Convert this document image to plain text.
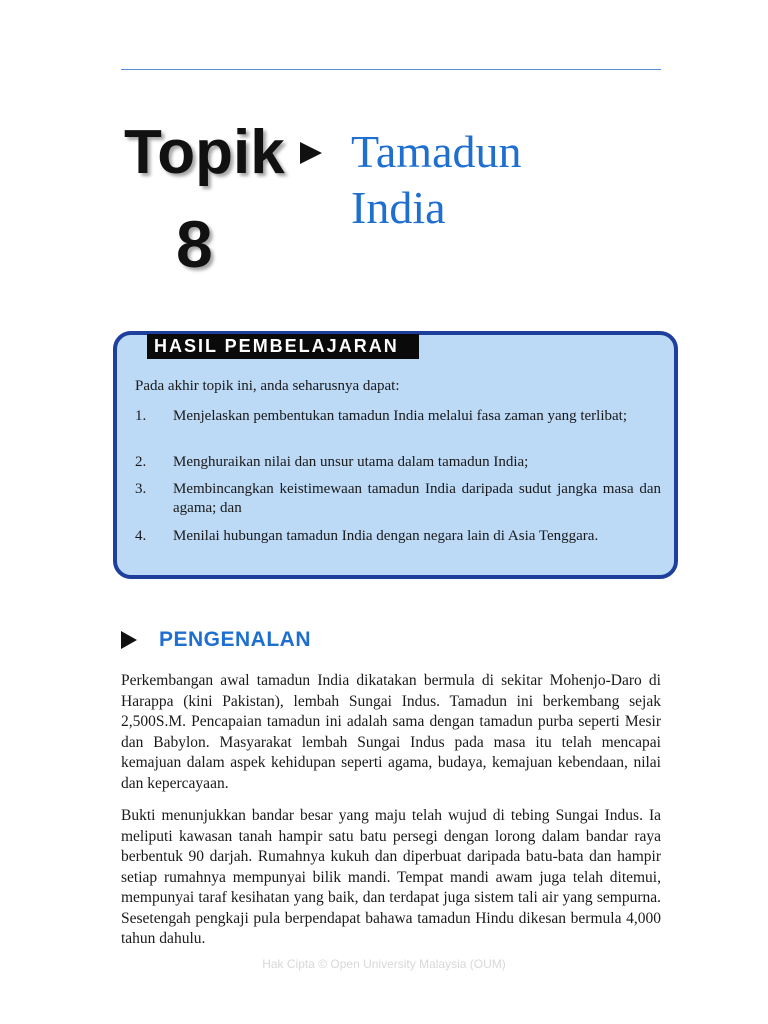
Topik
8
Tamadun
India
HASIL PEMBELAJARAN
Pada akhir topik ini, anda seharusnya dapat:
1.	Menjelaskan pembentukan tamadun India melalui fasa zaman yang terlibat;
2.	Menghuraikan nilai dan unsur utama dalam tamadun India;
3.	Membincangkan keistimewaan tamadun India daripada sudut jangka masa dan agama; dan
4.	Menilai hubungan tamadun India dengan negara lain di Asia Tenggara.
PENGENALAN

Perkembangan awal tamadun India dikatakan bermula di sekitar Mohenjo-Daro di Harappa (kini Pakistan), lembah Sungai Indus. Tamadun ini berkembang sejak 2,500S.M. Pencapaian tamadun ini adalah sama dengan tamadun purba seperti Mesir dan Babylon. Masyarakat lembah Sungai Indus pada masa itu telah mencapai kemajuan dalam aspek kehidupan seperti agama, budaya, kemajuan kebendaan, nilai dan kepercayaan.

Bukti menunjukkan bandar besar yang maju telah wujud di tebing Sungai Indus. Ia meliputi kawasan tanah hampir satu batu persegi dengan lorong dalam bandar raya berbentuk 90 darjah. Rumahnya kukuh dan diperbuat daripada batu-bata dan hampir setiap rumahnya mempunyai bilik mandi. Tempat mandi awam juga telah ditemui, mempunyai taraf kesihatan yang baik, dan terdapat juga sistem tali air yang sempurna. Sesetengah pengkaji pula berpendapat bahawa tamadun Hindu dikesan bermula 4,000 tahun dahulu.

Hak Cipta © Open University Malaysia (OUM)
